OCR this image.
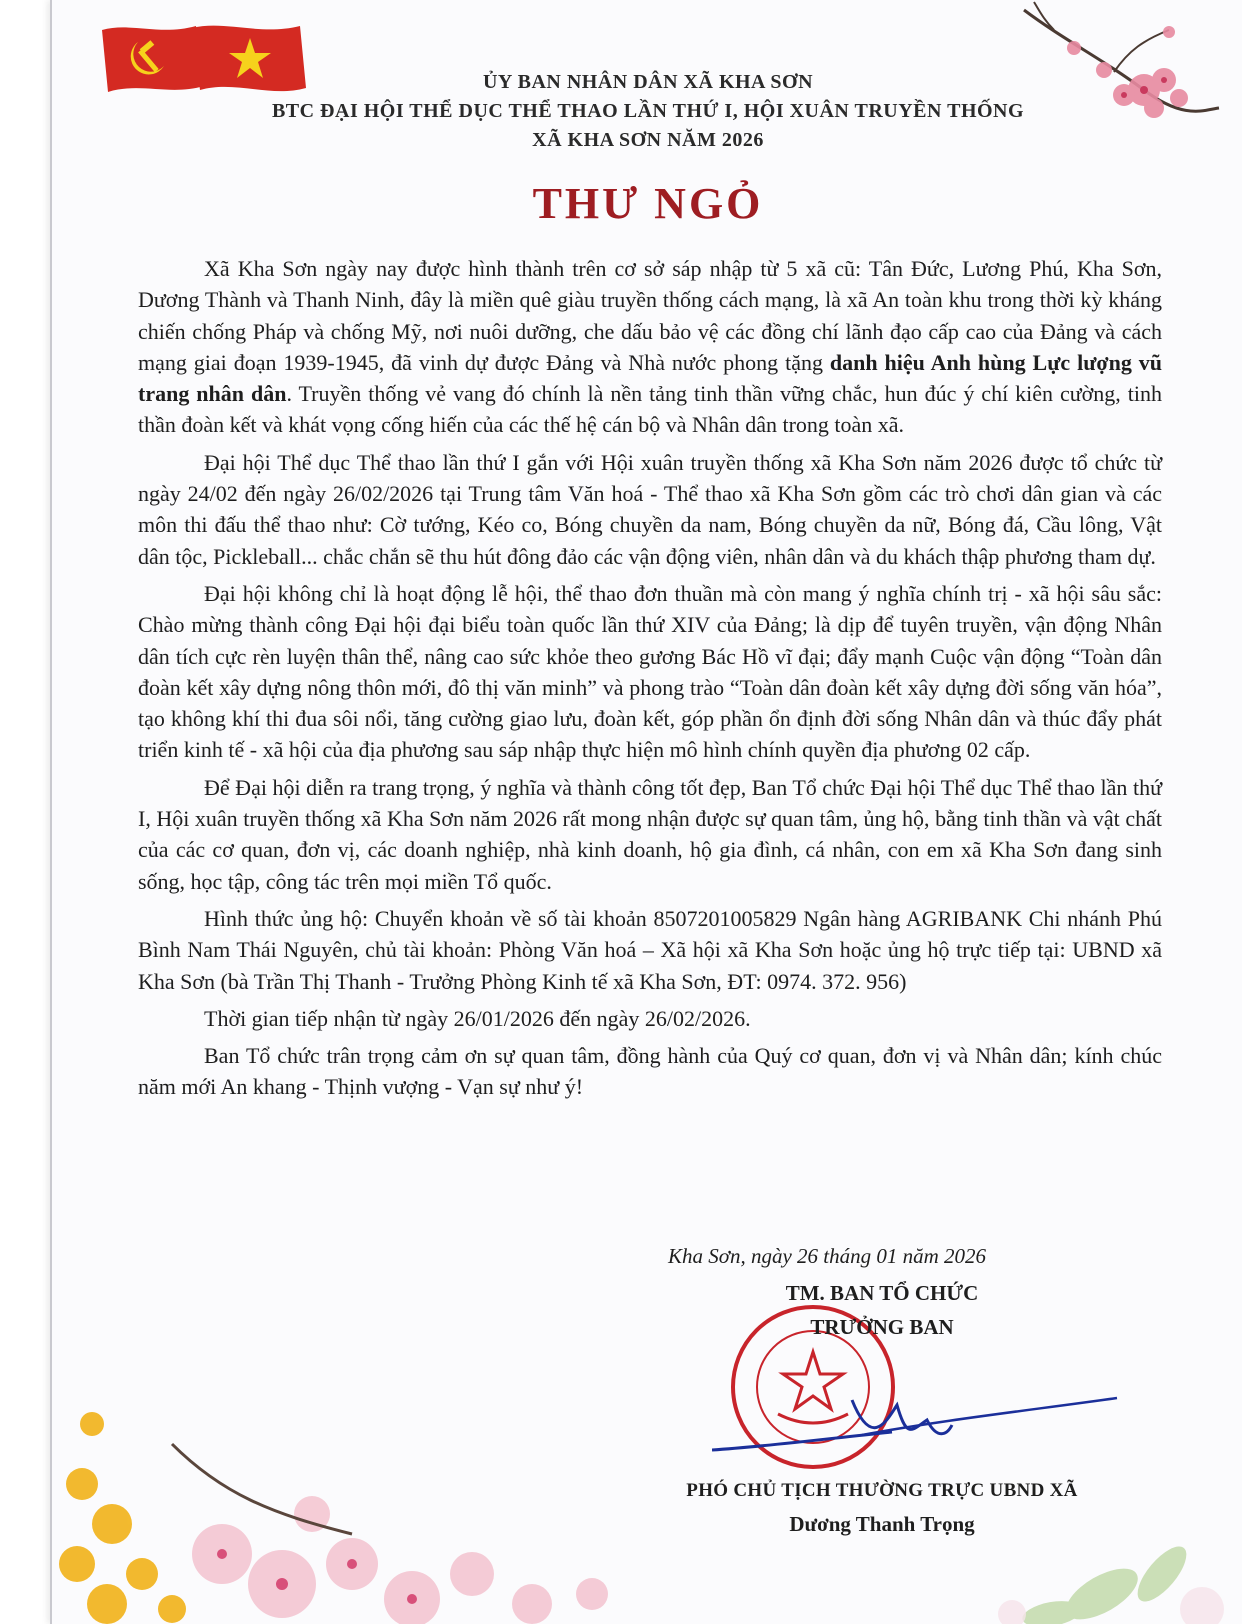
ỦY BAN NHÂN DÂN XÃ KHA SƠN
BTC ĐẠI HỘI THỂ DỤC THỂ THAO LẦN THỨ I, HỘI XUÂN TRUYỀN THỐNG
XÃ KHA SƠN NĂM 2026
THƯ NGỎ

Xã Kha Sơn ngày nay được hình thành trên cơ sở sáp nhập từ 5 xã cũ: Tân Đức, Lương Phú, Kha Sơn, Dương Thành và Thanh Ninh, đây là miền quê giàu truyền thống cách mạng, là xã An toàn khu trong thời kỳ kháng chiến chống Pháp và chống Mỹ, nơi nuôi dưỡng, che dấu bảo vệ các đồng chí lãnh đạo cấp cao của Đảng và cách mạng giai đoạn 1939-1945, đã vinh dự được Đảng và Nhà nước phong tặng danh hiệu Anh hùng Lực lượng vũ trang nhân dân. Truyền thống vẻ vang đó chính là nền tảng tinh thần vững chắc, hun đúc ý chí kiên cường, tinh thần đoàn kết và khát vọng cống hiến của các thế hệ cán bộ và Nhân dân trong toàn xã.

Đại hội Thể dục Thể thao lần thứ I gắn với Hội xuân truyền thống xã Kha Sơn năm 2026 được tổ chức từ ngày 24/02 đến ngày 26/02/2026 tại Trung tâm Văn hoá - Thể thao xã Kha Sơn gồm các trò chơi dân gian và các môn thi đấu thể thao như: Cờ tướng, Kéo co, Bóng chuyền da nam, Bóng chuyền da nữ, Bóng đá, Cầu lông, Vật dân tộc, Pickleball... chắc chắn sẽ thu hút đông đảo các vận động viên, nhân dân và du khách thập phương tham dự.

Đại hội không chỉ là hoạt động lễ hội, thể thao đơn thuần mà còn mang ý nghĩa chính trị - xã hội sâu sắc: Chào mừng thành công Đại hội đại biểu toàn quốc lần thứ XIV của Đảng; là dịp để tuyên truyền, vận động Nhân dân tích cực rèn luyện thân thể, nâng cao sức khỏe theo gương Bác Hồ vĩ đại; đẩy mạnh Cuộc vận động “Toàn dân đoàn kết xây dựng nông thôn mới, đô thị văn minh” và phong trào “Toàn dân đoàn kết xây dựng đời sống văn hóa”, tạo không khí thi đua sôi nổi, tăng cường giao lưu, đoàn kết, góp phần ổn định đời sống Nhân dân và thúc đẩy phát triển kinh tế - xã hội của địa phương sau sáp nhập thực hiện mô hình chính quyền địa phương 02 cấp.

Để Đại hội diễn ra trang trọng, ý nghĩa và thành công tốt đẹp, Ban Tổ chức Đại hội Thể dục Thể thao lần thứ I, Hội xuân truyền thống xã Kha Sơn năm 2026 rất mong nhận được sự quan tâm, ủng hộ, bằng tinh thần và vật chất của các cơ quan, đơn vị, các doanh nghiệp, nhà kinh doanh, hộ gia đình, cá nhân, con em xã Kha Sơn đang sinh sống, học tập, công tác trên mọi miền Tổ quốc.

Hình thức ủng hộ: Chuyển khoản về số tài khoản 8507201005829 Ngân hàng AGRIBANK Chi nhánh Phú Bình Nam Thái Nguyên, chủ tài khoản: Phòng Văn hoá – Xã hội xã Kha Sơn hoặc ủng hộ trực tiếp tại: UBND xã Kha Sơn (bà Trần Thị Thanh - Trưởng Phòng Kinh tế xã Kha Sơn, ĐT: 0974. 372. 956)

Thời gian tiếp nhận từ ngày 26/01/2026 đến ngày 26/02/2026.

Ban Tổ chức trân trọng cảm ơn sự quan tâm, đồng hành của Quý cơ quan, đơn vị và Nhân dân; kính chúc năm mới An khang - Thịnh vượng - Vạn sự như ý!

Kha Sơn, ngày 26 tháng 01 năm 2026
TM. BAN TỔ CHỨC
TRƯỞNG BAN
PHÓ CHỦ TỊCH THƯỜNG TRỰC UBND XÃ
Dương Thanh Trọng
